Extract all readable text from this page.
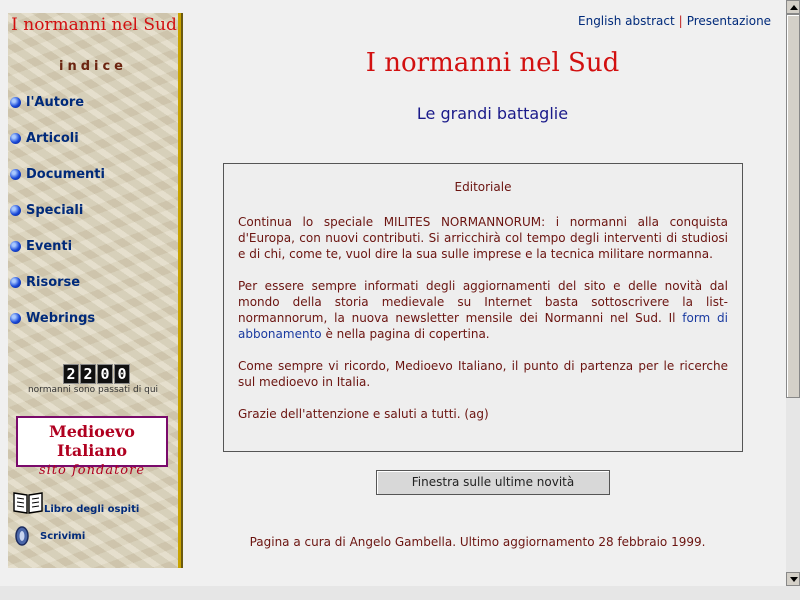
I normanni nel Sud
indice
l'Autore
Articoli
Documenti
Speciali
Eventi
Risorse
Webrings
2 2 0 0
normanni sono passati di qui
Medioevo Italiano
sito fondatore
Libro degli ospiti
Scrivimi
English abstract | Presentazione
I normanni nel Sud
Le grandi battaglie
Editoriale

Continua lo speciale MILITES NORMANNORUM: i normanni alla conquista d'Europa, con nuovi contributi. Si arricchirà col tempo degli interventi di studiosi e di chi, come te, vuol dire la sua sulle imprese e la tecnica militare normanna.

Per essere sempre informati degli aggiornamenti del sito e delle novità dal mondo della storia medievale su Internet basta sottoscrivere la list-normannorum, la nuova newsletter mensile dei Normanni nel Sud. Il form di abbonamento è nella pagina di copertina.

Come sempre vi ricordo, Medioevo Italiano, il punto di partenza per le ricerche sul medioevo in Italia.

Grazie dell'attenzione e saluti a tutti. (ag)

Finestra sulle ultime novità
Pagina a cura di Angelo Gambella. Ultimo aggiornamento 28 febbraio 1999.
